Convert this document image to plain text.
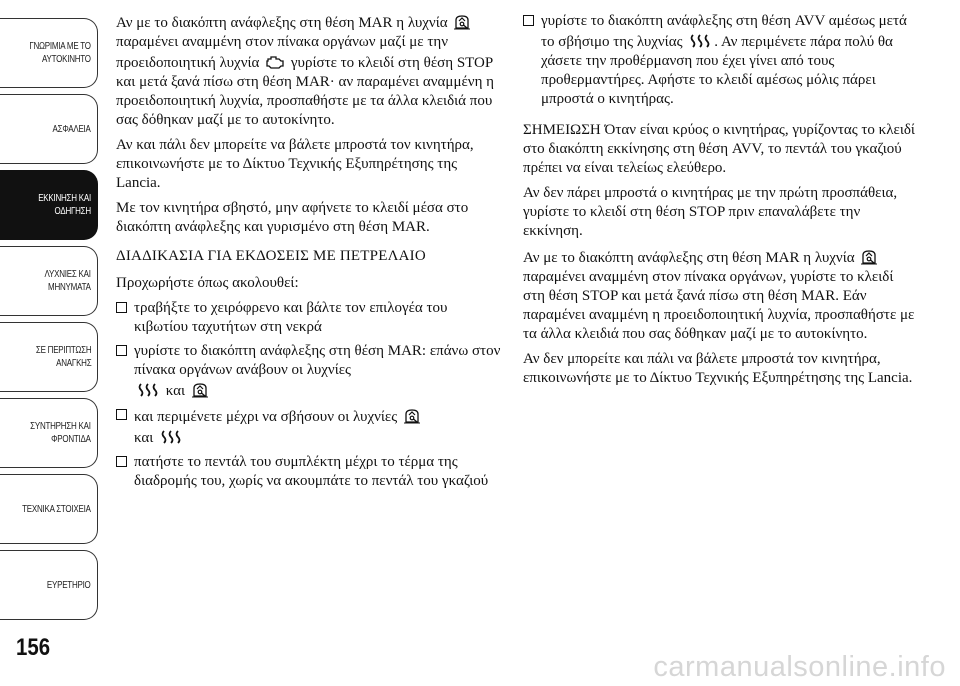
ΓΝΩΡΙΜΙΑ ΜΕ ΤΟ
ΑΥΤΟΚΙΝΗΤΟ
ΑΣΦΑΛΕΙΑ
ΕΚΚΙΝΗΣΗ ΚΑΙ
ΟΔΗΓΗΣΗ
ΛΥΧΝΙΕΣ ΚΑΙ
ΜΗΝΥΜΑΤΑ
ΣΕ ΠΕΡΙΠΤΩΣΗ
ΑΝΑΓΚΗΣ
ΣΥΝΤΗΡΗΣΗ ΚΑΙ
ΦΡΟΝΤΙΔΑ
ΤΕΧΝΙΚΑ ΣΤΟΙΧΕΙΑ
ΕΥΡΕΤΗΡΙΟ
156

Αν με το διακόπτη ανάφλεξης στη θέση MAR η λυχνία
παραμένει αναμμένη στον πίνακα οργάνων μαζί με την προειδοποιητική λυχνία γυρίστε το κλειδί στη θέση STOP και μετά ξανά πίσω στη θέση MAR· αν παραμένει αναμμένη η προειδοποιητική λυχνία, προσπαθήστε με τα άλλα κλειδιά που σας δόθηκαν μαζί με το αυτοκίνητο.

Αν και πάλι δεν μπορείτε να βάλετε μπροστά τον κινητήρα, επικοινωνήστε με το Δίκτυο Τεχνικής Εξυπηρέτησης της Lancia.

Με τον κινητήρα σβηστό, μην αφήνετε το κλειδί μέσα στο διακόπτη ανάφλεξης και γυρισμένο στη θέση MAR.

ΔΙΑΔΙΚΑΣΙΑ ΓΙΑ ΕΚΔΟΣΕΙΣ ΜΕ ΠΕΤΡΕΛΑΙΟ

Προχωρήστε όπως ακολουθεί:

τραβήξτε το χειρόφρενο και βάλτε τον επιλογέα του κιβωτίου ταχυτήτων στη νεκρά
γυρίστε το διακόπτη ανάφλεξης στη θέση MAR: επάνω στον πίνακα οργάνων ανάβουν οι λυχνίες

και
και περιμένετε μέχρι να σβήσουν οι λυχνίες

και
πατήστε το πεντάλ του συμπλέκτη μέχρι το τέρμα της διαδρομής του, χωρίς να ακουμπάτε το πεντάλ του γκαζιού
γυρίστε το διακόπτη ανάφλεξης στη θέση AVV αμέσως μετά το σβήσιμο της λυχνίας . Αν περιμένετε πάρα πολύ θα χάσετε την προθέρμανση που έχει γίνει από τους προθερμαντήρες. Αφήστε το κλειδί αμέσως μόλις πάρει μπροστά ο κινητήρας.

ΣΗΜΕΙΩΣΗ Όταν είναι κρύος ο κινητήρας, γυρίζοντας το κλειδί στο διακόπτη εκκίνησης στη θέση AVV, το πεντάλ του γκαζιού πρέπει να είναι τελείως ελεύθερο.

Αν δεν πάρει μπροστά ο κινητήρας με την πρώτη προσπάθεια, γυρίστε το κλειδί στη θέση STOP πριν επαναλάβετε την εκκίνηση.

Αν με το διακόπτη ανάφλεξης στη θέση MAR η λυχνία
παραμένει αναμμένη στον πίνακα οργάνων, γυρίστε το κλειδί στη θέση STOP και μετά ξανά πίσω στη θέση MAR. Εάν παραμένει αναμμένη η προειδοποιητική λυχνία, προσπαθήστε με τα άλλα κλειδιά που σας δόθηκαν μαζί με το αυτοκίνητο.

Αν δεν μπορείτε και πάλι να βάλετε μπροστά τον κινητήρα, επικοινωνήστε με το Δίκτυο Τεχνικής Εξυπηρέτησης της Lancia.

carmanualsonline.info
